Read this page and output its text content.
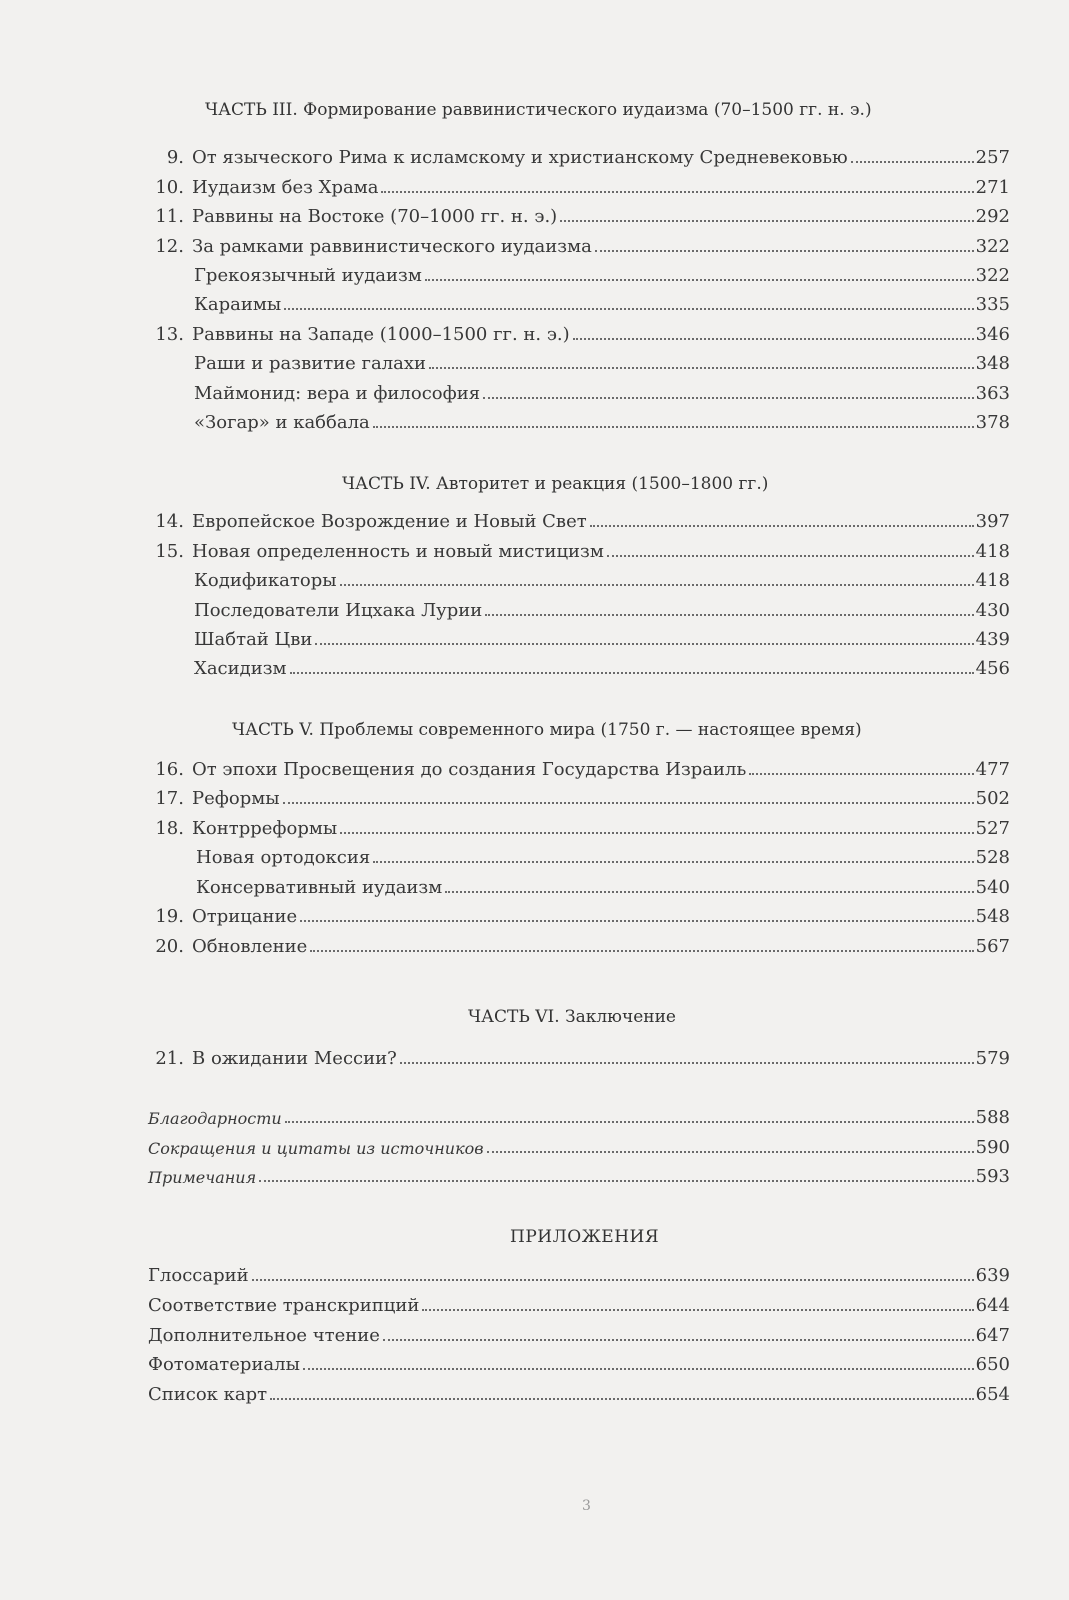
ЧАСТЬ III. Формирование раввинистического иудаизма (70–1500 гг. н. э.)
9. От языческого Рима к исламскому и христианскому Средневековью	257
10. Иудаизм без Храма	271
11. Раввины на Востоке (70–1000 гг. н. э.)	292
12. За рамками раввинистического иудаизма	322
Грекоязычный иудаизм	322
Караимы	335
13. Раввины на Западе (1000–1500 гг. н. э.)	346
Раши и развитие галахи	348
Маймонид: вера и философия	363
«Зогар» и каббала	378
ЧАСТЬ IV. Авторитет и реакция (1500–1800 гг.)
14. Европейское Возрождение и Новый Свет	397
15. Новая определенность и новый мистицизм	418
Кодификаторы	418
Последователи Ицхака Лурии	430
Шабтай Цви	439
Хасидизм	456
ЧАСТЬ V. Проблемы современного мира (1750 г. — настоящее время)
16. От эпохи Просвещения до создания Государства Израиль	477
17. Реформы	502
18. Контрреформы	527
Новая ортодоксия	528
Консервативный иудаизм	540
19. Отрицание	548
20. Обновление	567
ЧАСТЬ VI. Заключение
21. В ожидании Мессии?	579
Благодарности	588
Сокращения и цитаты из источников	590
Примечания	593
ПРИЛОЖЕНИЯ
Глоссарий	639
Соответствие транскрипций	644
Дополнительное чтение	647
Фотоматериалы	650
Список карт	654
3
